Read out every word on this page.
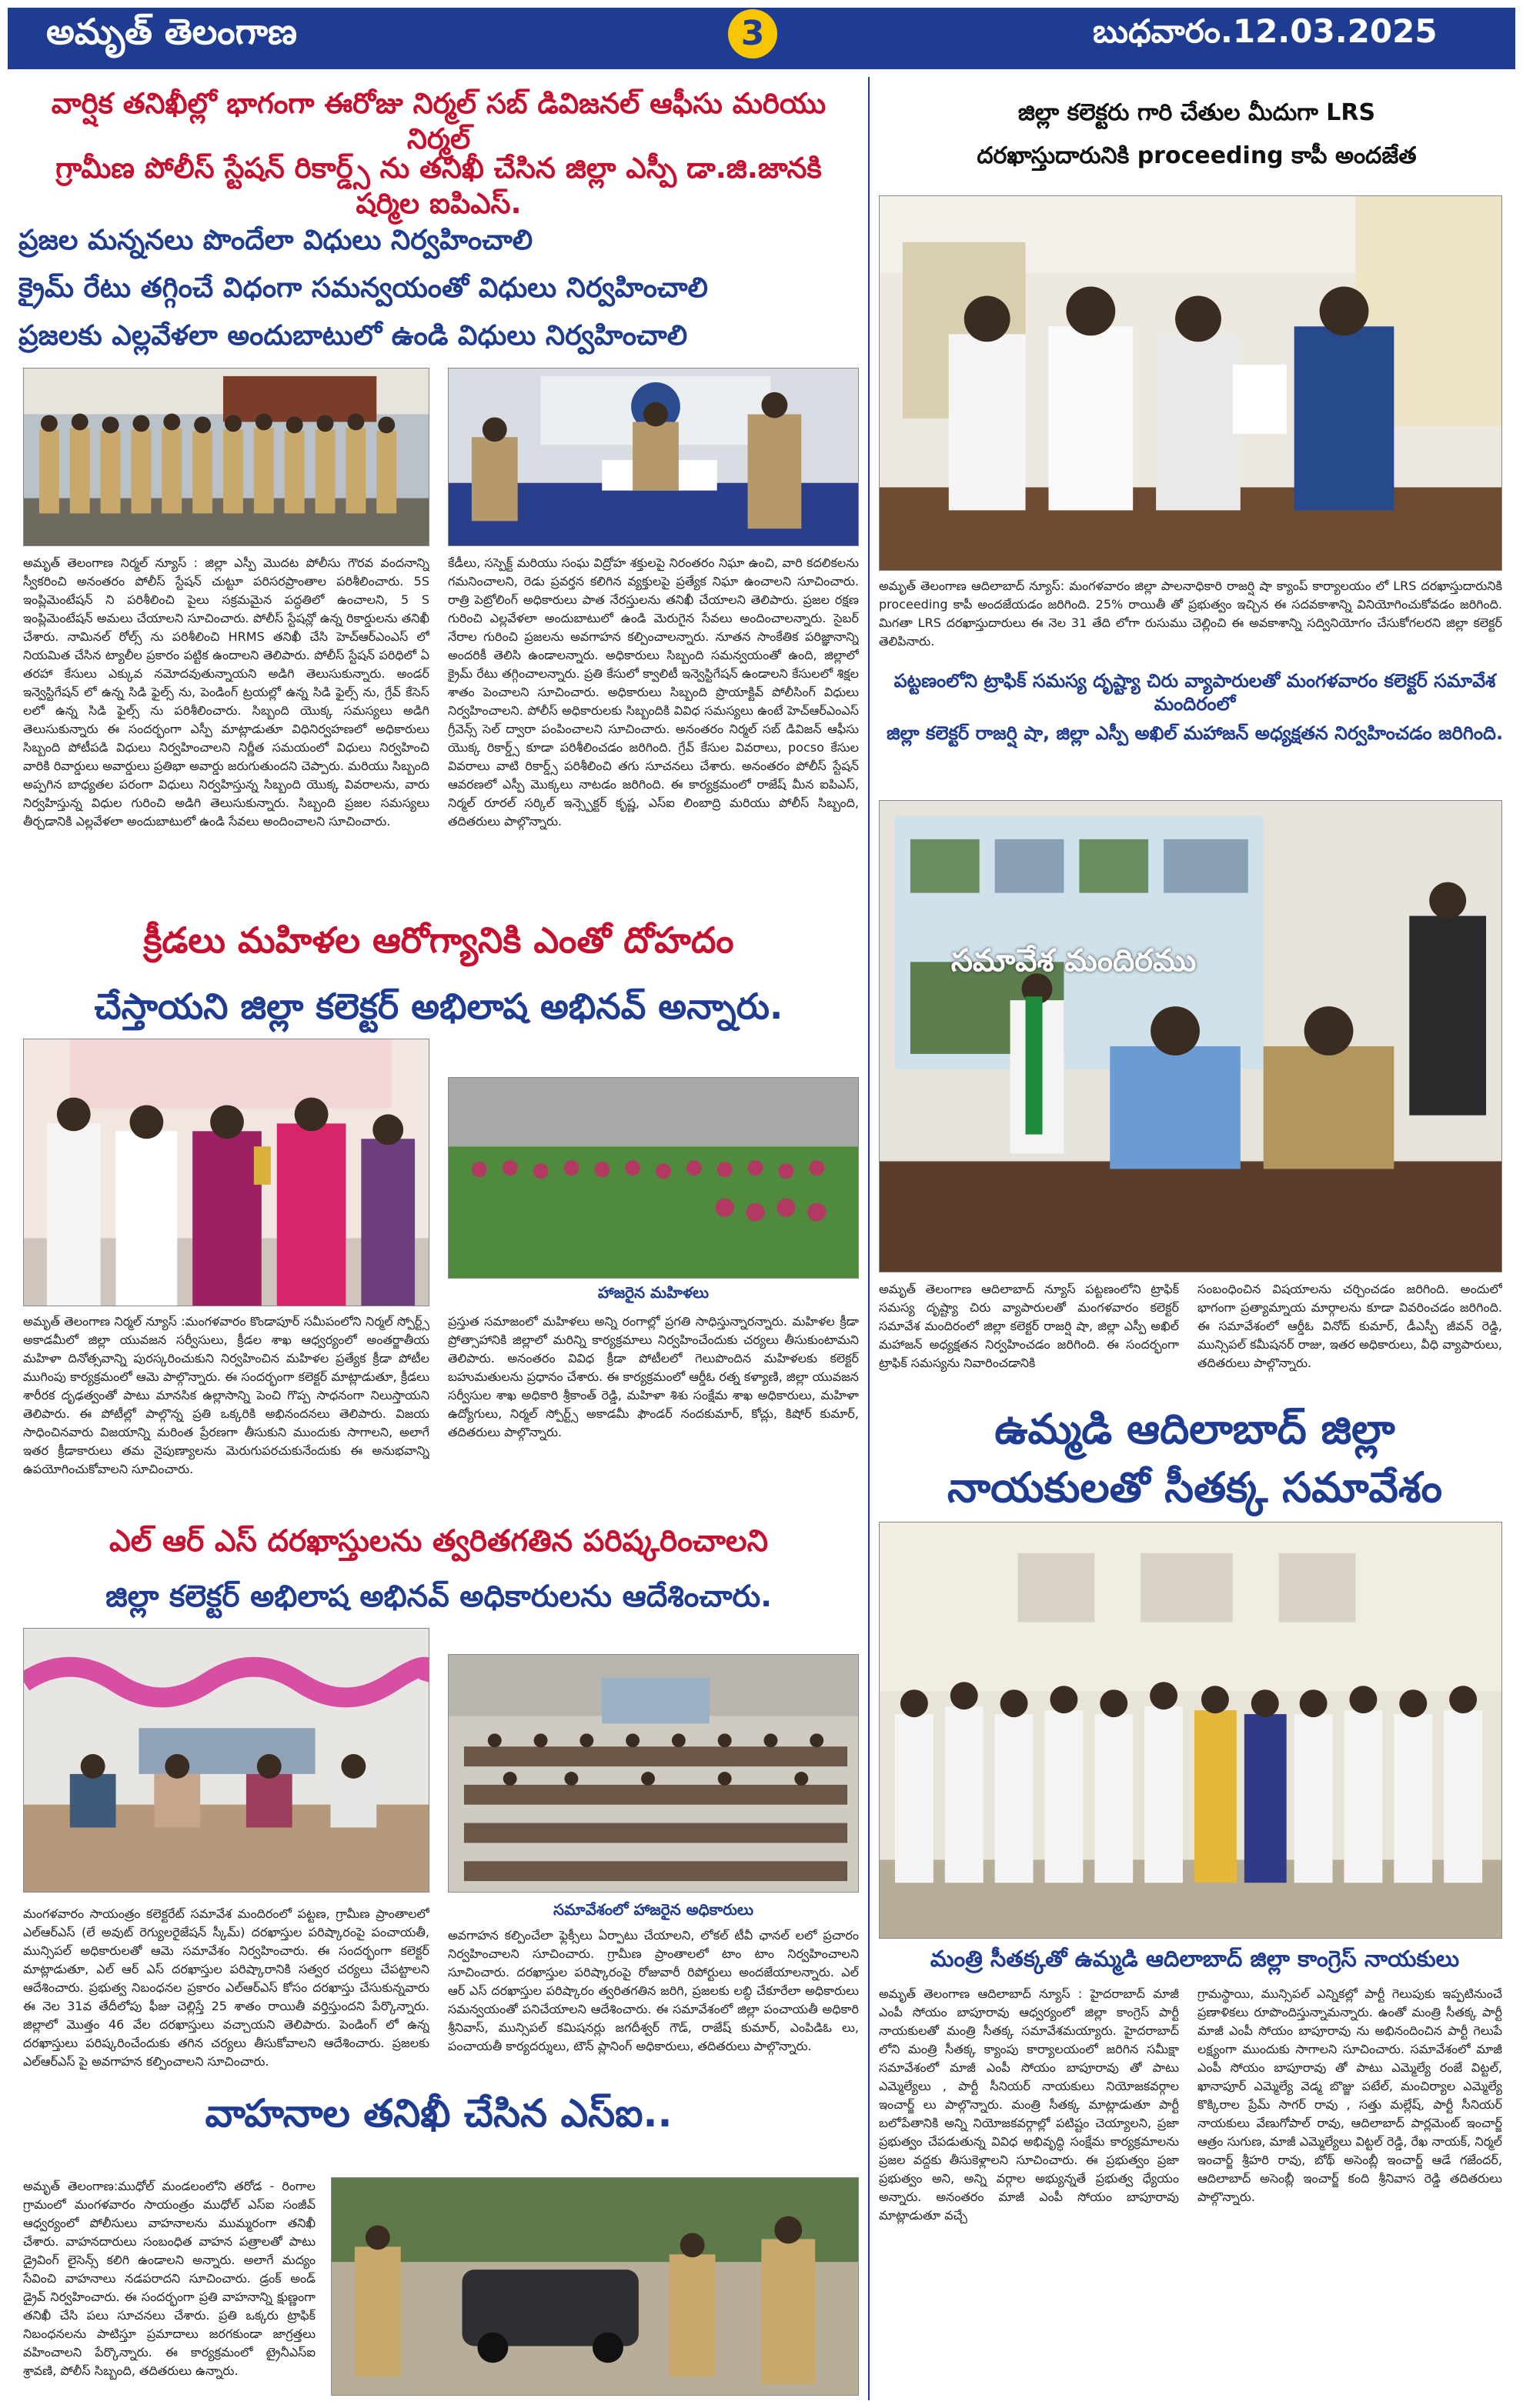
అమృత్ తెలంగాణ	3	బుధవారం.12.03.2025
వార్షిక తనిఖీల్లో భాగంగా ఈరోజు నిర్మల్ సబ్ డివిజనల్ ఆఫీసు మరియు నిర్మల్
గ్రామీణ పోలీస్ స్టేషన్ రికార్డ్స్ ను తనిఖీ చేసిన జిల్లా ఎస్పీ డా.జి.జానకి షర్మిల ఐపిఎస్.
ప్రజల మన్ననలు పొందేలా విధులు నిర్వహించాలి
క్రైమ్ రేటు తగ్గించే విధంగా సమన్వయంతో విధులు నిర్వహించాలి
ప్రజలకు ఎల్లవేళలా అందుబాటులో ఉండి విధులు నిర్వహించాలి
అమృత్ తెలంగాణ నిర్మల్ న్యూస్ : జిల్లా ఎస్పీ మొదట పోలీసు గౌరవ వందనాన్ని స్వీకరించి అనంతరం పోలీస్ స్టేషన్ చుట్టూ పరిసరప్రాంతాల పరిశీలించారు. 5S ఇంప్లిమెంటేషన్ ని పరిశీలించి పైలు సక్రమమైన పద్ధతిలో ఉంచాలని, 5 S ఇంప్లిమెంటేషన్ అమలు చేయాలని సూచించారు. పోలీస్ స్టేషన్లో ఉన్న రికార్డులను తనిఖీ చేశారు. నామినల్ రోల్స్ ను పరిశీలించి HRMS తనిఖీ చేసి హెచ్ఆర్ఎంఎస్ లో నియమిత చేసిన ట్యాలీల ప్రకారం పట్టిక ఉందాలని తెలిపారు. పోలీస్ స్టేషన్ పరిధిలో ఏ తరహా కేసులు ఎక్కువ నమోదవుతున్నాయని అడిగి తెలుసుకున్నారు. అండర్ ఇన్వెస్టిగేషన్ లో ఉన్న సిడి ఫైల్స్ ను, పెండింగ్ ట్రయల్లో ఉన్న సిడి ఫైల్స్ ను, గ్రేవ్ కేసెస్ లలో ఉన్న సిడి ఫైల్స్ ను పరిశీలించారు. సిబ్బంది యొక్క సమస్యలు అడిగి తెలుసుకున్నారు ఈ సందర్భంగా ఎస్పీ మాట్లాడుతూ విధినిర్వహణలో అధికారులు సిబ్బంది పోటీపడి విధులు నిర్వహించాలని నిర్ణీత సమయంలో విధులు నిర్వహించి వారికి రివార్డులు అవార్డులు ప్రతిభా అవార్డు జరుగుతుందని చెప్పారు. మరియు సిబ్బంది అప్పగిన బాధ్యతల పరంగా విధులు నిర్వహిస్తున్న సిబ్బంది యొక్క వివరాలను, వారు నిర్వహిస్తున్న విధుల గురించి అడిగి తెలుసుకున్నారు. సిబ్బంది ప్రజల సమస్యలు తీర్చడానికి ఎల్లవేళలా అందుబాటులో ఉండి సేవలు అందించాలని సూచించారు.
కేడీలు, సస్పెక్ట్ మరియు సంఘ విద్రోహ శక్తులపై నిరంతరం నిఘా ఉంచి, వారి కదలికలను గమనించాలని, రెడు ప్రవర్తన కలిగిన వ్యక్తులపై ప్రత్యేక నిఘా ఉంచాలని సూచించారు. రాత్రి పెట్రోలింగ్ అధికారులు పాత నేరస్తులను తనిఖీ చేయాలని తెలిపారు. ప్రజల రక్షణ గురించి ఎల్లవేళలా అందుబాటులో ఉండి మెరుగైన సేవలు అందించాలన్నారు. సైబర్ నేరాల గురించి ప్రజలను అవగాహన కల్పించాలన్నారు. నూతన సాంకేతిక పరిజ్ఞానాన్ని అందరికీ తెలిసి ఉండాలన్నారు. అధికారులు సిబ్బంది సమన్వయంతో ఉంది, జిల్లాలో క్రైమ్ రేటు తగ్గించాలన్నారు. ప్రతి కేసులో క్వాలిటీ ఇన్వెస్టిగేషన్ ఉండాలని కేసులలో శిక్షల శాతం పెంచాలని సూచించారు. అధికారులు సిబ్బంది ప్రొయాక్టివ్ పోలీసింగ్ విధులు నిర్వహించాలని. పోలీస్ అధికారులకు సిబ్బందికి వివిధ సమస్యలు ఉంటే హెచ్ఆర్ఎంఎస్ గ్రీవెన్స్ సెల్ ద్వారా పంపించాలని సూచించారు. అనంతరం నిర్మల్ సబ్ డివిజన్ ఆఫీసు యొక్క రికార్డ్స్ కూడా పరిశీలించడం జరిగింది. గ్రేవ్ కేసుల వివరాలు, pocso కేసుల వివరాలు వాటి రికార్డ్స్ పరిశీలించి తగు సూచనలు చేశారు. అనంతరం పోలీస్ స్టేషన్ ఆవరణలో ఎస్పీ మొక్కలు నాటడం జరిగింది. ఈ కార్యక్రమంలో రాజేష్ మీన ఐపిఎస్, నిర్మల్ రూరల్ సర్కిల్ ఇన్స్పెక్టర్ కృష్ణ, ఎస్ఐ లింబాద్రి మరియు పోలీస్ సిబ్బంది, తదితరులు పాల్గొన్నారు.
క్రీడలు మహిళల ఆరోగ్యానికి ఎంతో దోహదం
చేస్తాయని జిల్లా కలెక్టర్ అభిలాష అభినవ్ అన్నారు.
హాజరైన మహిళలు
అమృత్ తెలంగాణ నిర్మల్ న్యూస్ :మంగళవారం కొండాపూర్ సమీపంలోని నిర్మల్ స్పోర్ట్స్ అకాడమీలో జిల్లా యువజన సర్వీసులు, క్రీడల శాఖ ఆధ్వర్యంలో అంతర్జాతీయ మహిళా దినోత్సవాన్ని పురస్కరించుకుని నిర్వహించిన మహిళల ప్రత్యేక క్రీడా పోటీల ముగింపు కార్యక్రమంలో ఆమె పాల్గొన్నారు. ఈ సందర్భంగా కలెక్టర్ మాట్లాడుతూ, క్రీడలు శారీరక దృఢత్వంతో పాటు మానసిక ఉల్లాసాన్ని పెంచి గొప్ప సాధనంగా నిలుస్తాయని తెలిపారు. ఈ పోటీల్లో పాల్గొన్న ప్రతి ఒక్కరికి అభినందనలు తెలిపారు. విజయ సాధించినవారు విజయాన్ని మరింత ప్రేరణగా తీసుకుని ముందుకు సాగాలని, అలాగే ఇతర క్రీడాకారులు తమ నైపుణ్యాలను మెరుగుపరచుకునేందుకు ఈ అనుభవాన్ని ఉపయోగించుకోవాలని సూచించారు.
ప్రస్తుత సమాజంలో మహిళలు అన్ని రంగాల్లో ప్రగతి సాధిస్తున్నారన్నారు. మహిళల క్రీడా ప్రోత్సాహానికి జిల్లాలో మరిన్ని కార్యక్రమాలు నిర్వహించేందుకు చర్యలు తీసుకుంటామని తెలిపారు. అనంతరం వివిధ క్రీడా పోటీలలో గెలుపొందిన మహిళలకు కలెక్టర్ బహుమతులను ప్రధానం చేశారు. ఈ కార్యక్రమంలో ఆర్డీఓ రత్న కళ్యాణి, జిల్లా యువజన సర్వీసుల శాఖ అధికారి శ్రీకాంత్ రెడ్డి, మహిళా శిశు సంక్షేమ శాఖ అధికారులు, మహిళా ఉద్యోగులు, నిర్మల్ స్పోర్ట్స్ అకాడమీ ఫౌండర్ నందకుమార్, కోచ్లు, కిషోర్ కుమార్, తదితరులు పాల్గొన్నారు.
ఎల్ ఆర్ ఎస్ దరఖాస్తులను త్వరితగతిన పరిష్కరించాలని
జిల్లా కలెక్టర్ అభిలాష అభినవ్ అధికారులను ఆదేశించారు.
సమావేశంలో హాజరైన అధికారులు
మంగళవారం సాయంత్రం కలెక్టరేట్ సమావేశ మందిరంలో పట్టణ, గ్రామీణ ప్రాంతాలలో ఎల్ఆర్ఎస్ (లే అవుట్ రెగ్యులరైజేషన్ స్కీమ్) దరఖాస్తుల పరిష్కారంపై పంచాయతీ, మున్సిపల్ అధికారులతో ఆమె సమావేశం నిర్వహించారు. ఈ సందర్భంగా కలెక్టర్ మాట్లాడుతూ, ఎల్ ఆర్ ఎస్ దరఖాస్తుల పరిష్కారానికి సత్వర చర్యలు చేపట్టాలని ఆదేశించారు. ప్రభుత్వ నిబంధనల ప్రకారం ఎల్ఆర్ఎస్ కోసం దరఖాస్తు చేసుకున్నవారు ఈ నెల 31వ తేదీలోపు ఫీజు చెల్లిస్తే 25 శాతం రాయితీ వర్తిస్తుందని పేర్కొన్నారు. జిల్లాలో మొత్తం 46 వేల దరఖాస్తులు వచ్చాయని తెలిపారు. పెండింగ్ లో ఉన్న దరఖాస్తులు పరిష్కరించేందుకు తగిన చర్యలు తీసుకోవాలని ఆదేశించారు. ప్రజలకు ఎల్ఆర్ఎస్ పై అవగాహన కల్పించాలని సూచించారు.
అవగాహన కల్పించేలా ఫ్లెక్సీలు ఏర్పాటు చేయాలని, లోకల్ టీవీ ఛానల్ లలో ప్రచారం నిర్వహించాలని సూచించారు. గ్రామీణ ప్రాంతాలలో టాం టాం నిర్వహించాలని సూచించారు. దరఖాస్తుల పరిష్కారంపై రోజువారీ రిపోర్టులు అందజేయాలన్నారు. ఎల్ ఆర్ ఎస్ దరఖాస్తుల పరిష్కారం త్వరితగతిన జరిగి, ప్రజలకు లబ్ధి చేకూరేలా అధికారులు సమన్వయంతో పనిచేయాలని ఆదేశించారు. ఈ సమావేశంలో జిల్లా పంచాయతీ అధికారి శ్రీనివాస్, మున్సిపల్ కమిషనర్లు జగదీశ్వర్ గౌడ్, రాజేష్ కుమార్, ఎంపిడిఓ లు, పంచాయతీ కార్యదర్శులు, టౌన్ ప్లానింగ్ అధికారులు, తదితరులు పాల్గొన్నారు.
వాహనాల తనిఖీ చేసిన ఎస్ఐ..
అమృత్ తెలంగాణ:ముధోల్ మండలంలోని తరోడ - రింగాల గ్రామంలో మంగళవారం సాయంత్రం ముధోల్ ఎస్ఐ సంజీవ్ ఆధ్వర్యంలో పోలీసులు వాహనాలను ముమ్మరంగా తనిఖీ చేశారు. వాహనదారులు సంబంధిత వాహన పత్రాలతో పాటు డ్రైవింగ్ లైసెన్స్ కలిగి ఉండాలని అన్నారు. అలాగే మద్యం సేవించి వాహనాలు నడపరాదని సూచించారు. డ్రంక్ అండ్ డ్రైవ్ నిర్వహించారు. ఈ సందర్భంగా ప్రతి వాహనాన్ని క్షుణ్ణంగా తనిఖీ చేసి పలు సూచనలు చేశారు. ప్రతి ఒక్కరు ట్రాఫిక్ నిబంధనలను పాటిస్తూ ప్రమాదాలు జరగకుండా జాగ్రత్తలు వహించాలని పేర్కొన్నారు. ఈ కార్యక్రమంలో ట్రైనీఎస్ఐ శ్రావణి, పోలీస్ సిబ్బంది, తదితరులు ఉన్నారు.
జిల్లా కలెక్టరు గారి చేతుల మీదుగా LRS
దరఖాస్తుదారునికి proceeding కాపీ అందజేత
అమృత్ తెలంగాణ ఆదిలాబాద్ న్యూస్: మంగళవారం జిల్లా పాలనాధికారి రాజర్షి షా క్యాంప్ కార్యాలయం లో LRS దరఖాస్తుదారునికి proceeding కాపీ అందజేయడం జరిగింది. 25% రాయితీ తో ప్రభుత్వం ఇచ్చిన ఈ సదవకాశాన్ని వినియోగించుకోవడం జరిగింది. మిగతా LRS దరఖాస్తుదారులు ఈ నెల 31 తేది లోగా రుసుము చెల్లించి ఈ అవకాశాన్ని సద్వినియోగం చేసుకోగలరని జిల్లా కలెక్టర్ తెలిపినారు.
పట్టణంలోని ట్రాఫిక్ సమస్య దృష్ట్యా చిరు వ్యాపారులతో మంగళవారం కలెక్టర్ సమావేశ మందిరంలో
జిల్లా కలెక్టర్ రాజర్షి షా, జిల్లా ఎస్పీ అఖిల్ మహాజన్ అధ్యక్షతన నిర్వహించడం జరిగింది.
సమావేశ మందిరము
అమృత్ తెలంగాణ ఆదిలాబాద్ న్యూస్ పట్టణంలోని ట్రాఫిక్ సమస్య దృష్ట్యా చిరు వ్యాపారులతో మంగళవారం కలెక్టర్ సమావేశ మందిరంలో జిల్లా కలెక్టర్ రాజర్షి షా, జిల్లా ఎస్పీ అఖిల్ మహాజన్ అధ్యక్షతన నిర్వహించడం జరిగింది. ఈ సందర్భంగా ట్రాఫిక్ సమస్యను నివారించడానికి
సంబంధించిన విషయాలను చర్చించడం జరిగింది. అందులో భాగంగా ప్రత్యామ్నాయ మార్గాలను కూడా వివరించడం జరిగింది. ఈ సమావేశంలో ఆర్డీఓ వినోద్ కుమార్, డీఎస్పీ జీవన్ రెడ్డి, మున్సిపల్ కమీషనర్ రాజు, ఇతర అధికారులు, వీధి వ్యాపారులు, తదితరులు పాల్గొన్నారు.
ఉమ్మడి ఆదిలాబాద్ జిల్లా
నాయకులతో సీతక్క సమావేశం
మంత్రి సీతక్కతో ఉమ్మడి ఆదిలాబాద్ జిల్లా కాంగ్రెస్ నాయకులు
అమృత్ తెలంగాణ ఆదిలాబాద్ న్యూస్ : హైదరాబాద్ మాజీ ఎంపీ సోయం బాపూరావు ఆధ్వర్యంలో జిల్లా కాంగ్రెస్ పార్టీ నాయకులతో మంత్రి సీతక్క సమావేశమయ్యారు. హైదరాబాద్ లోని మంత్రి సీతక్క క్యాంపు కార్యాలయంలో జరిగిన సమీక్షా సమావేశంలో మాజీ ఎంపీ సోయం బాపూరావు తో పాటు ఎమ్మెల్యేలు , పార్టీ సీనియర్ నాయకులు నియోజకవర్గాల ఇంచార్జ్ లు పాల్గొన్నారు. మంత్రి సీతక్క మాట్లాడుతూ పార్టీ బలోపేతానికి అన్ని నియోజకవర్గాల్లో పటిష్టం చెయ్యాలని, ప్రజా ప్రభుత్వం చేపడుతున్న వివిధ అభివృద్ధి సంక్షేమ కార్యక్రమాలను ప్రజల వద్దకు తీసుకెళ్లాలని సూచించారు. ఈ ప్రభుత్వం ప్రజా ప్రభుత్వం అని, అన్ని వర్గాల అభ్యున్నతే ప్రభుత్వ ధ్యేయం అన్నారు. అనంతరం మాజీ ఎంపీ సోయం బాపూరావు మాట్లాడుతూ వచ్చే
గ్రామస్థాయి, మున్సిపల్ ఎన్నికల్లో పార్టీ గెలుపుకు ఇప్పటినుంచే ప్రణాళికలు రూపొందిస్తున్నామన్నారు. ఉంతో మంత్రి సీతక్క పార్టీ మాజీ ఎంపీ సోయం బాపూరావు ను అభినందించిన పార్టీ గెలుపే లక్ష్యంగా ముందుకు సాగాలని సూచించారు. సమావేశంలో మాజీ ఎంపీ సోయం బాపూరావు తో పాటు ఎమ్మెల్యే రంజే విట్టల్, ఖానాపూర్ ఎమ్మెల్యే వెడ్మ బొజ్జు పటేల్, మంచిర్యాల ఎమ్మెల్యే కొక్కిరాల ప్రేమ్ సాగర్ రావు , సత్తు మల్లేష్, పార్టీ సీనియర్ నాయకులు వేణుగోపాల్ రావు, ఆదిలాబాద్ పార్లమెంట్ ఇంచార్జ్ ఆత్రం సుగుణ, మాజీ ఎమ్మెల్యేలు విట్టల్ రెడ్డి, రేఖ నాయక్, నిర్మల్ ఇంచార్జ్ శ్రీహరి రావు, బోథ్ అసెంబ్లీ ఇంచార్జ్ ఆడే గజేందర్, ఆదిలాబాద్ అసెంబ్లీ ఇంచార్జ్ కంది శ్రీనివాస రెడ్డి తదితరులు పాల్గొన్నారు.
